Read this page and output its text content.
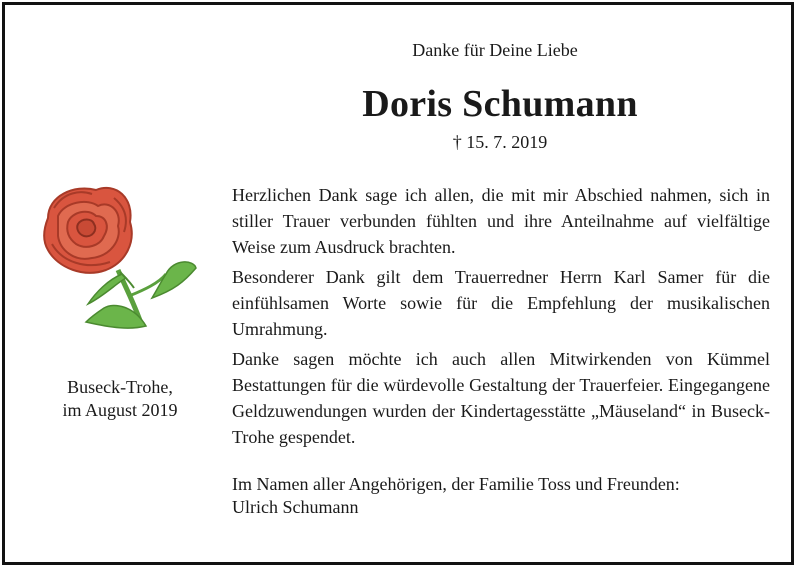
Danke für Deine Liebe
Doris Schumann
† 15. 7. 2019
Buseck-Trohe,
im August 2019

Herzlichen Dank sage ich allen, die mit mir Abschied nahmen, sich in stiller Trauer verbunden fühlten und ihre Anteilnahme auf vielfältige Weise zum Ausdruck brachten.

Besonderer Dank gilt dem Trauerredner Herrn Karl Samer für die einfühlsamen Worte sowie für die Empfehlung der musikalischen Umrahmung.

Danke sagen möchte ich auch allen Mitwirkenden von Kümmel Bestattungen für die würdevolle Gestaltung der Trauerfeier. Eingegangene Geldzuwendungen wurden der Kindertagesstätte „Mäuseland“ in Buseck-Trohe gespendet.

Im Namen aller Angehörigen, der Familie Toss und Freunden:
Ulrich Schumann
